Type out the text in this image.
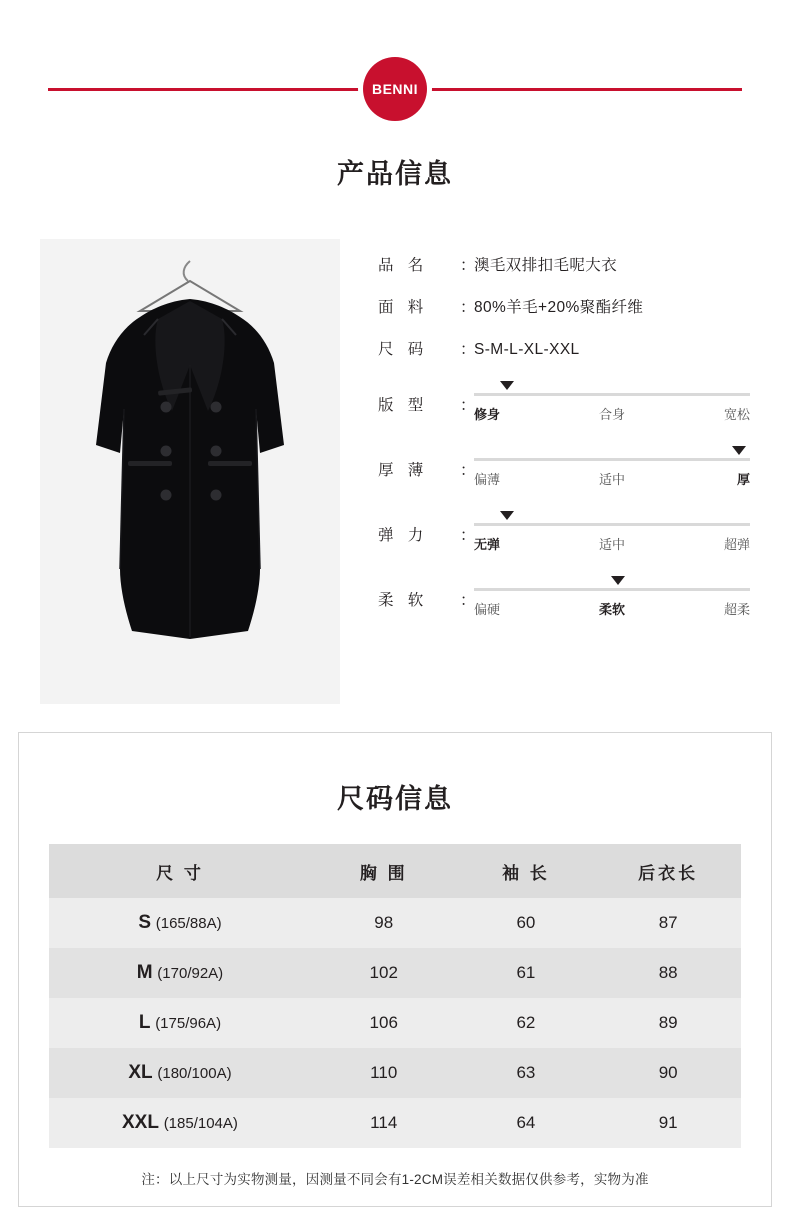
BENNI
产品信息
品 名	：
澳毛双排扣毛呢大衣
面 料	：
80%羊毛+20%聚酯纤维
尺 码	：
S-M-L-XL-XXL
版 型	：
修身	合身	宽松
厚 薄	：
偏薄	适中	厚
弹 力	：
无弹	适中	超弹
柔 软	：
偏硬	柔软	超柔
尺码信息
尺 寸	胸 围	袖 长	后衣长
S (165/88A)	98	60	87
M (170/92A)	102	61	88
L (175/96A)	106	62	89
XL (180/100A)	110	63	90
XXL (185/104A)	114	64	91
注：以上尺寸为实物测量，因测量不同会有1-2CM误差相关数据仅供参考，实物为准
